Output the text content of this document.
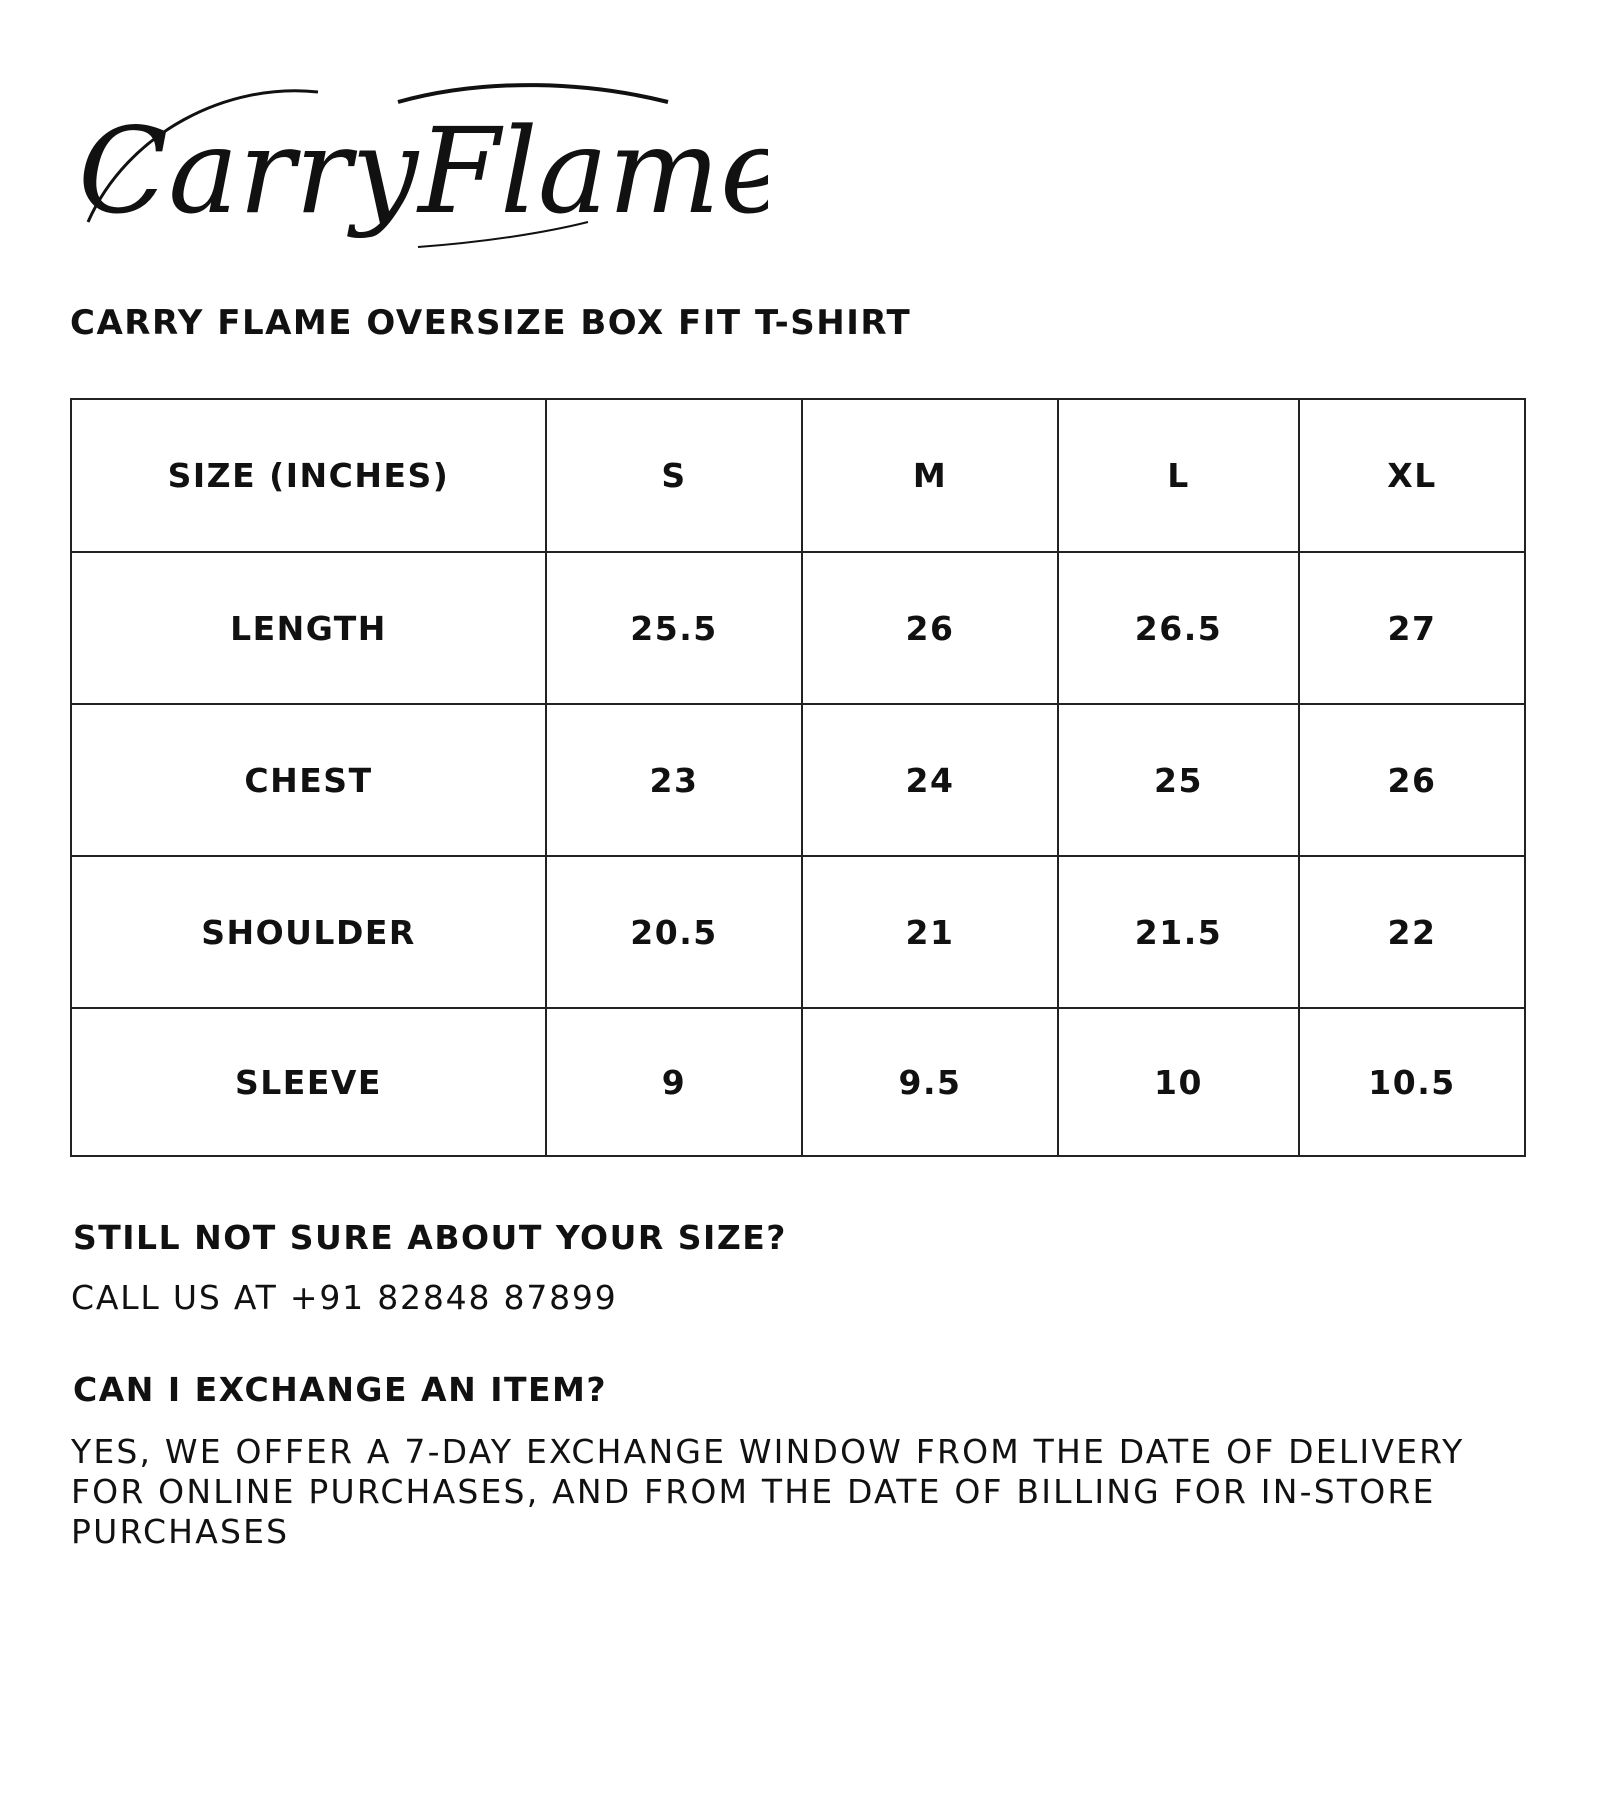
CarryFlame
CARRY FLAME OVERSIZE BOX FIT T-SHIRT
SIZE (INCHES)	S	M	L	XL
LENGTH	25.5	26	26.5	27
CHEST	23	24	25	26
SHOULDER	20.5	21	21.5	22
SLEEVE	9	9.5	10	10.5
STILL NOT SURE ABOUT YOUR SIZE?
CALL US AT +91 82848 87899
CAN I EXCHANGE AN ITEM?
YES, WE OFFER A 7-DAY EXCHANGE WINDOW FROM THE DATE OF DELIVERY FOR ONLINE PURCHASES, AND FROM THE DATE OF BILLING FOR IN-STORE PURCHASES
